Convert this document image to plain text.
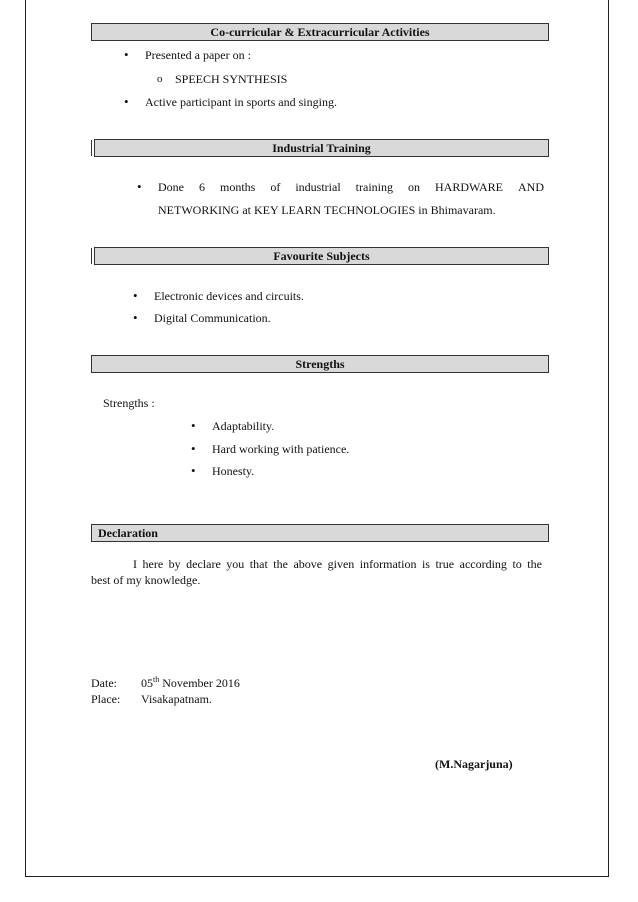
Co-curricular & Extracurricular Activities
• Presented a paper on :
o SPEECH SYNTHESIS
• Active participant in sports and singing.
Industrial Training
• Done 6 months of industrial training on HARDWARE AND
NETWORKING at KEY LEARN TECHNOLOGIES in Bhimavaram.
Favourite Subjects
• Electronic devices and circuits.
• Digital Communication.
Strengths
Strengths :
• Adaptability.
• Hard working with patience.
• Honesty.
Declaration
I here by declare you that the above given information is true according to the
best of my knowledge.
Date: 05th November 2016
Place: Visakapatnam.
(M.Nagarjuna)
